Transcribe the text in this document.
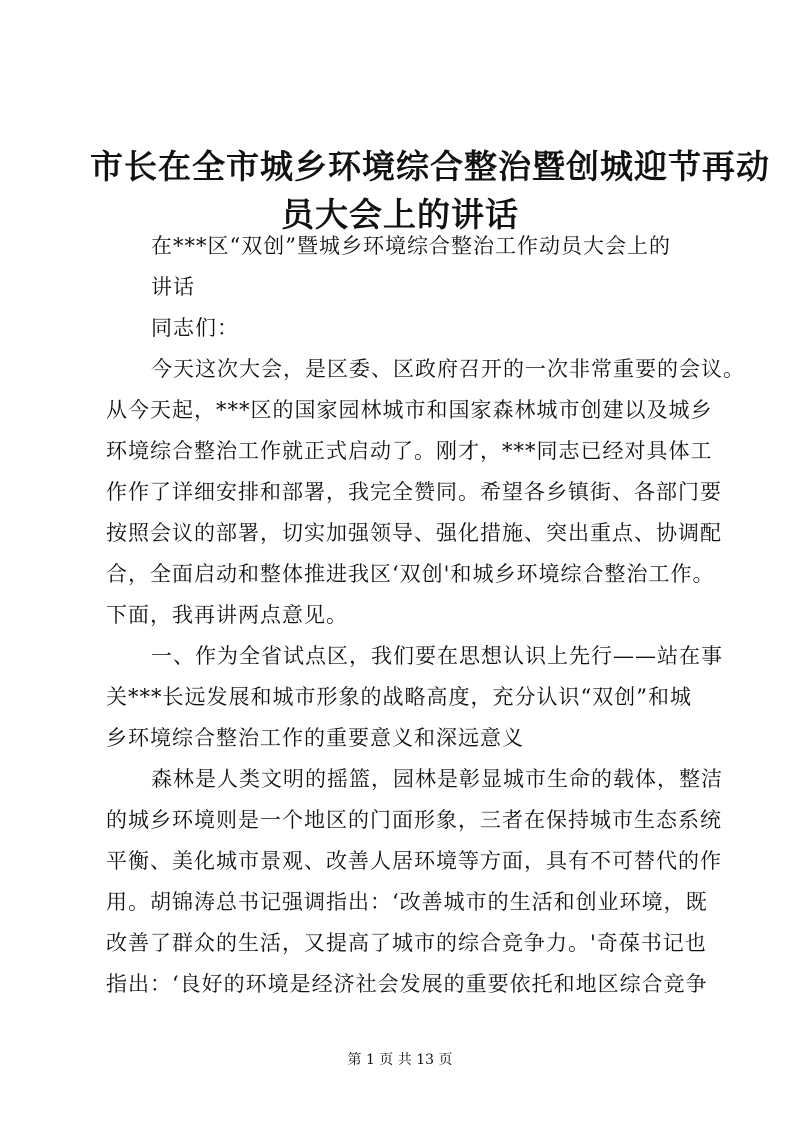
市长在全市城乡环境综合整治暨创城迎节再动
员大会上的讲话
在***区“双创”暨城乡环境综合整治工作动员大会上的
讲话
同志们：
今天这次大会，是区委、区政府召开的一次非常重要的会议。
从今天起，***区的国家园林城市和国家森林城市创建以及城乡
环境综合整治工作就正式启动了。刚才，***同志已经对具体工
作作了详细安排和部署，我完全赞同。希望各乡镇街、各部门要
按照会议的部署，切实加强领导、强化措施、突出重点、协调配
合，全面启动和整体推进我区‘双创'和城乡环境综合整治工作。
下面，我再讲两点意见。
一、作为全省试点区，我们要在思想认识上先行——站在事
关***长远发展和城市形象的战略高度，充分认识“双创”和城
乡环境综合整治工作的重要意义和深远意义
森林是人类文明的摇篮，园林是彰显城市生命的载体，整洁
的城乡环境则是一个地区的门面形象，三者在保持城市生态系统
平衡、美化城市景观、改善人居环境等方面，具有不可替代的作
用。胡锦涛总书记强调指出：‘改善城市的生活和创业环境，既
改善了群众的生活，又提高了城市的综合竞争力。'奇葆书记也
指出：‘良好的环境是经济社会发展的重要依托和地区综合竞争
第 1 页 共 13 页
